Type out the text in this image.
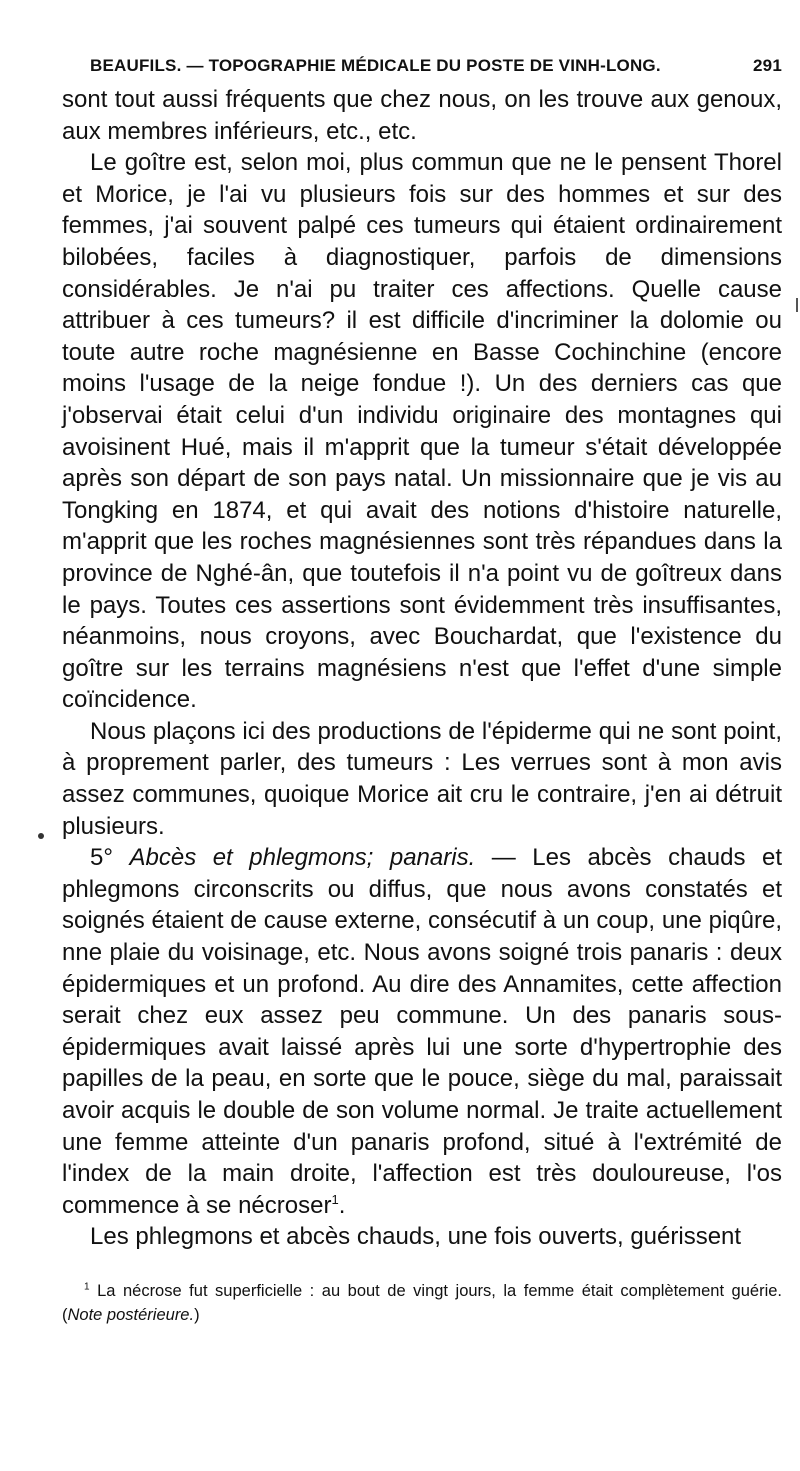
BEAUFILS. — TOPOGRAPHIE MÉDICALE DU POSTE DE VINH-LONG.	291

sont tout aussi fréquents que chez nous, on les trouve aux genoux, aux membres inférieurs, etc., etc.

Le goître est, selon moi, plus commun que ne le pensent Thorel et Morice, je l'ai vu plusieurs fois sur des hommes et sur des femmes, j'ai souvent palpé ces tumeurs qui étaient ordinairement bilobées, faciles à diagnostiquer, parfois de dimensions considérables. Je n'ai pu traiter ces affections. Quelle cause attribuer à ces tumeurs? il est difficile d'incriminer la dolomie ou toute autre roche magnésienne en Basse Cochinchine (encore moins l'usage de la neige fondue !). Un des derniers cas que j'observai était celui d'un individu originaire des montagnes qui avoisinent Hué, mais il m'apprit que la tumeur s'était développée après son départ de son pays natal. Un missionnaire que je vis au Tongking en 1874, et qui avait des notions d'histoire naturelle, m'apprit que les roches magnésiennes sont très répandues dans la province de Nghé-ân, que toutefois il n'a point vu de goîtreux dans le pays. Toutes ces assertions sont évidemment très insuffisantes, néanmoins, nous croyons, avec Bouchardat, que l'existence du goître sur les terrains magnésiens n'est que l'effet d'une simple coïncidence.

Nous plaçons ici des productions de l'épiderme qui ne sont point, à proprement parler, des tumeurs : Les verrues sont à mon avis assez communes, quoique Morice ait cru le contraire, j'en ai détruit plusieurs.

5° Abcès et phlegmons; panaris. — Les abcès chauds et phlegmons circonscrits ou diffus, que nous avons constatés et soignés étaient de cause externe, consécutif à un coup, une piqûre, nne plaie du voisinage, etc. Nous avons soigné trois panaris : deux épidermiques et un profond. Au dire des Annamites, cette affection serait chez eux assez peu commune. Un des panaris sous-épidermiques avait laissé après lui une sorte d'hypertrophie des papilles de la peau, en sorte que le pouce, siège du mal, paraissait avoir acquis le double de son volume normal. Je traite actuellement une femme atteinte d'un panaris profond, situé à l'extrémité de l'index de la main droite, l'affection est très douloureuse, l'os commence à se nécroser$^1$.

Les phlegmons et abcès chauds, une fois ouverts, guérissent

$^1$ La nécrose fut superficielle : au bout de vingt jours, la femme était complètement guérie. (Note postérieure.)
